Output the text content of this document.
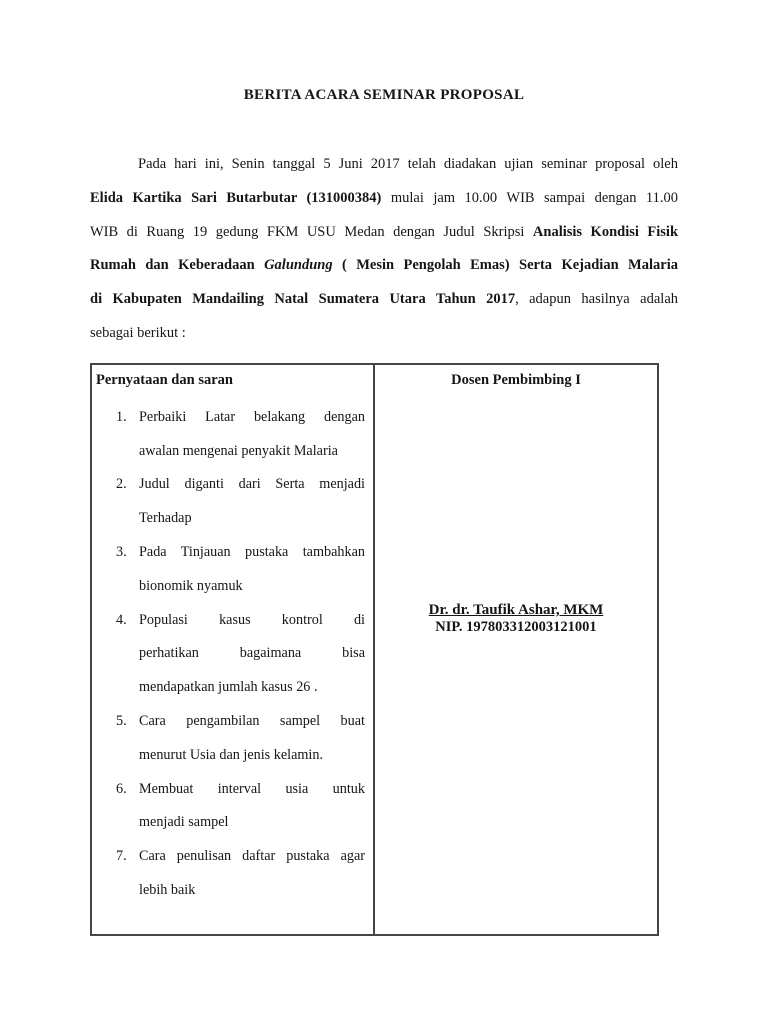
BERITA ACARA SEMINAR PROPOSAL
Pada hari ini, Senin tanggal 5 Juni 2017 telah diadakan ujian seminar proposal oleh
Elida Kartika Sari Butarbutar (131000384) mulai jam 10.00 WIB sampai dengan 11.00
WIB di Ruang 19 gedung FKM USU Medan dengan Judul Skripsi Analisis Kondisi Fisik
Rumah dan Keberadaan Galundung ( Mesin Pengolah Emas) Serta Kejadian Malaria
di Kabupaten Mandailing Natal Sumatera Utara Tahun 2017, adapun hasilnya adalah
sebagai berikut :
Pernyataan dan saran
1. Perbaiki Latar belakang dengan
awalan mengenai penyakit Malaria
2. Judul diganti dari Serta menjadi
Terhadap
3. Pada Tinjauan pustaka tambahkan
bionomik nyamuk
4. Populasi kasus kontrol di
perhatikan bagaimana bisa
mendapatkan jumlah kasus 26 .
5. Cara pengambilan sampel buat
menurut Usia dan jenis kelamin.
6. Membuat interval usia untuk
menjadi sampel
7. Cara penulisan daftar pustaka agar
lebih baik
Dosen Pembimbing I
Dr. dr. Taufik Ashar, MKM
NIP. 197803312003121001
